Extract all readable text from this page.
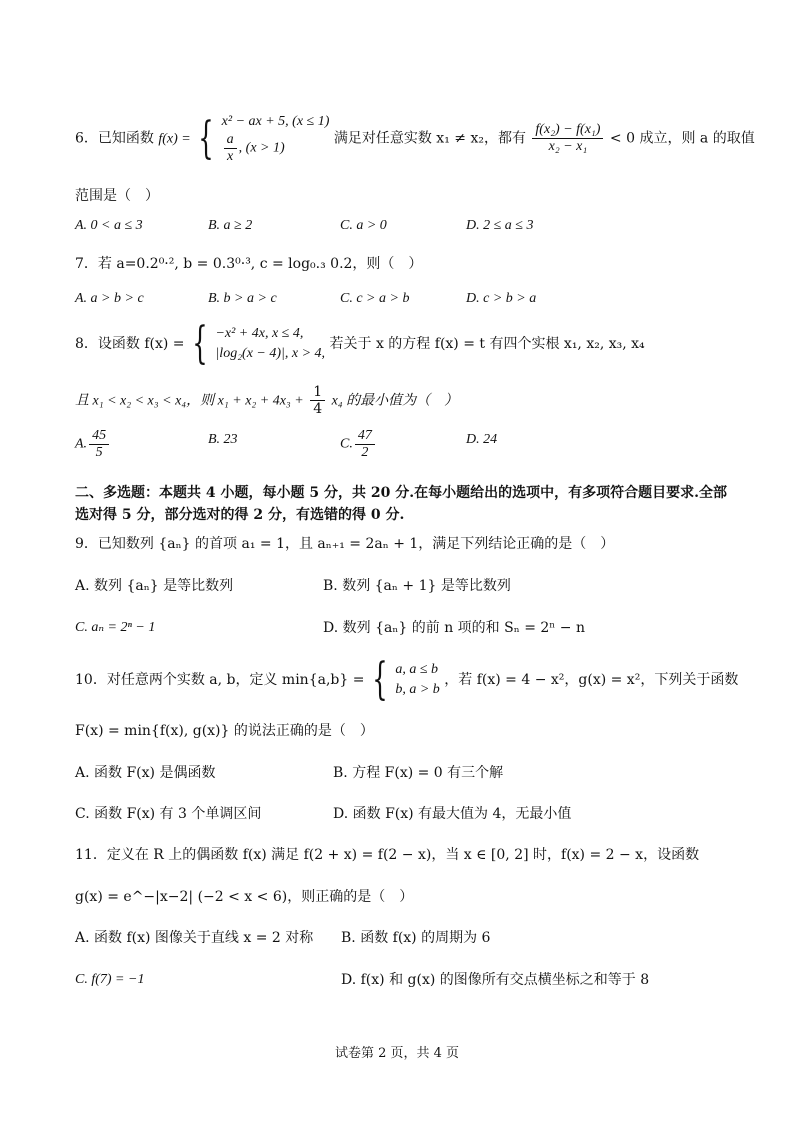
6．已知函数 f(x) = { x² − ax + 5, (x ≤ 1)
$\frac{a}{x}$ , (x > 1)
满足对任意实数 x₁ ≠ x₂，都有 $\frac{\text{f(x₂) − f(x₁)}}{\text{x₂ − x₁}} < 0$ 成立，则 a 的取值
范围是（　）
A. 0 < a ≤ 3	B. a ≥ 2	C. a > 0	D. 2 ≤ a ≤ 3
7．若 a=0.2⁰·², b = 0.3⁰·³, c = log₀.₃ 0.2，则（　）
A. a > b > c	B. b > a > c	C. c > a > b	D. c > b > a
8．设函数 f(x) = { −x² + 4x, x ≤ 4,
|log₂(x − 4)|, x > 4,
若关于 x 的方程 f(x) = t 有四个实根 x₁, x₂, x₃, x₄
且 x₁ < x₂ < x₃ < x₄，则 $x_1 + x_2 + 4x_3 + \frac{1}{4} x_4$ 的最小值为（　）
A. $\frac{45}{5}$	B. 23	C. $\frac{47}{2}$	D. 24
二、多选题：本题共 4 小题，每小题 5 分，共 20 分.在每小题给出的选项中，有多项符合题目要求.全部
选对得 5 分，部分选对的得 2 分，有选错的得 0 分.
9．已知数列 {aₙ} 的首项 a₁ = 1，且 aₙ₊₁ = 2aₙ + 1，满足下列结论正确的是（　）
A. 数列 {aₙ} 是等比数列	B. 数列 {aₙ + 1} 是等比数列
C. aₙ = 2ⁿ − 1	D. 数列 {aₙ} 的前 n 项的和 Sₙ = 2ⁿ − n
10．对任意两个实数 a, b，定义 min{a,b} = { a, a ≤ b
b, a > b
，若 f(x) = 4 − x²，g(x) = x²，下列关于函数
F(x) = min{f(x), g(x)} 的说法正确的是（　）
A. 函数 F(x) 是偶函数	B. 方程 F(x) = 0 有三个解
C. 函数 F(x) 有 3 个单调区间	D. 函数 F(x) 有最大值为 4，无最小值
11．定义在 R 上的偶函数 f(x) 满足 f(2 + x) = f(2 − x)，当 x ∈ [0, 2] 时，f(x) = 2 − x，设函数
g(x) = e^−|x−2| (−2 < x < 6)，则正确的是（　）
A. 函数 f(x) 图像关于直线 x = 2 对称 B. 函数 f(x) 的周期为 6
C. f(7) = −1	D. f(x) 和 g(x) 的图像所有交点横坐标之和等于 8
试卷第 2 页，共 4 页
